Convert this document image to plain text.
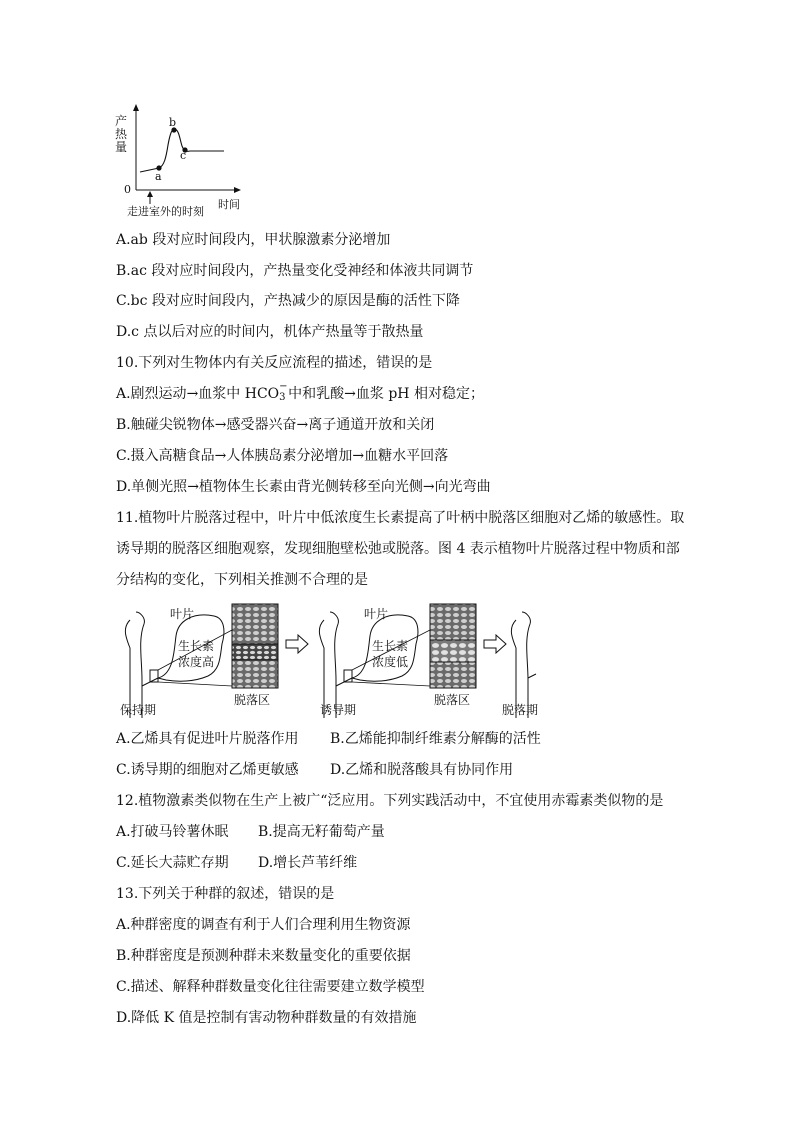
产
热
量
0
a
b
c
走进室外的时刻
时间
A.ab 段对应时间段内，甲状腺激素分泌增加
B.ac 段对应时间段内，产热量变化受神经和体液共同调节
C.bc 段对应时间段内，产热减少的原因是酶的活性下降
D.c 点以后对应的时间内，机体产热量等于散热量
10.下列对生物体内有关反应流程的描述，错误的是
A.剧烈运动→血浆中 HCO 3
− 中和乳酸→血浆 pH 相对稳定；
B.触碰尖锐物体→感受器兴奋→离子通道开放和关闭
C.摄入高糖食品→人体胰岛素分泌增加→血糖水平回落
D.单侧光照→植物体生长素由背光侧转移至向光侧→向光弯曲
11.植物叶片脱落过程中，叶片中低浓度生长素提高了叶柄中脱落区细胞对乙烯的敏感性。取
诱导期的脱落区细胞观察，发现细胞壁松弛或脱落。图 4 表示植物叶片脱落过程中物质和部
分结构的变化，下列相关推测不合理的是
叶片
生长素
浓度高
脱落区
保持期
叶片
生长素
浓度低
脱落区
诱导期	脱落期
A.乙烯具有促进叶片脱落作用 B.乙烯能抑制纤维素分解酶的活性
C.诱导期的细胞对乙烯更敏感 D.乙烯和脱落酸具有协同作用
12.植物激素类似物在生产上被广“泛应用。下列实践活动中，不宜使用赤霉素类似物的是
A.打破马铃薯休眠 B.提高无籽葡萄产量
C.延长大蒜贮存期 D.增长芦苇纤维
13.下列关于种群的叙述，错误的是
A.种群密度的调查有利于人们合理利用生物资源
B.种群密度是预测种群未来数量变化的重要依据
C.描述、解释种群数量变化往往需要建立数学模型
D.降低 K 值是控制有害动物种群数量的有效措施
